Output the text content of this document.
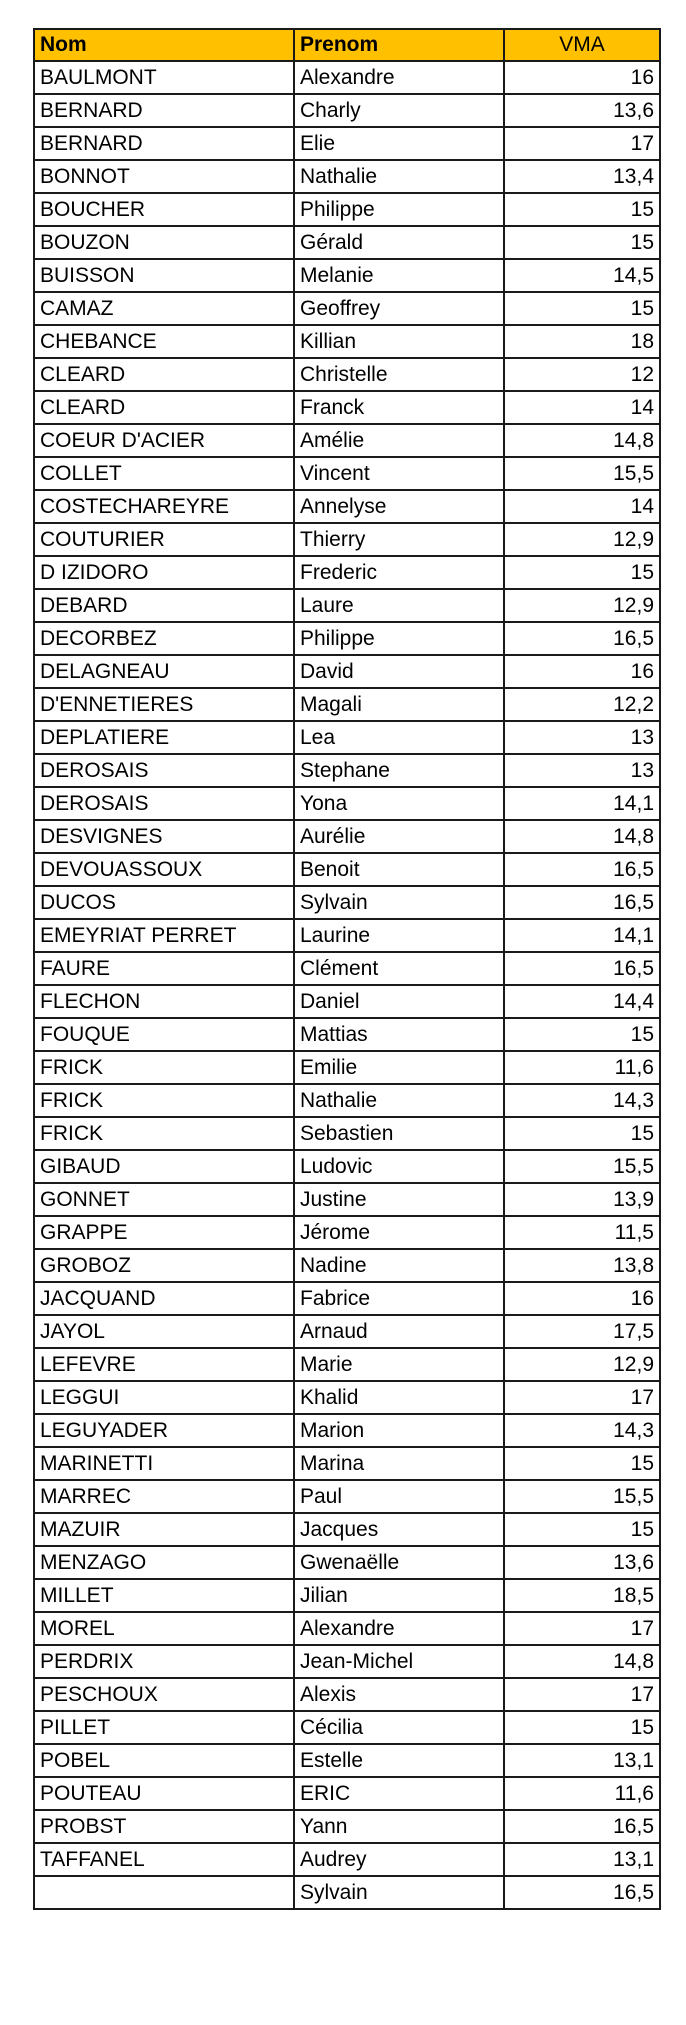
Nom	Prenom	VMA
BAULMONT	Alexandre	16
BERNARD	Charly	13,6
BERNARD	Elie	17
BONNOT	Nathalie	13,4
BOUCHER	Philippe	15
BOUZON	Gérald	15
BUISSON	Melanie	14,5
CAMAZ	Geoffrey	15
CHEBANCE	Killian	18
CLEARD	Christelle	12
CLEARD	Franck	14
COEUR D'ACIER	Amélie	14,8
COLLET	Vincent	15,5
COSTECHAREYRE	Annelyse	14
COUTURIER	Thierry	12,9
D IZIDORO	Frederic	15
DEBARD	Laure	12,9
DECORBEZ	Philippe	16,5
DELAGNEAU	David	16
D'ENNETIERES	Magali	12,2
DEPLATIERE	Lea	13
DEROSAIS	Stephane	13
DEROSAIS	Yona	14,1
DESVIGNES	Aurélie	14,8
DEVOUASSOUX	Benoit	16,5
DUCOS	Sylvain	16,5
EMEYRIAT PERRET	Laurine	14,1
FAURE	Clément	16,5
FLECHON	Daniel	14,4
FOUQUE	Mattias	15
FRICK	Emilie	11,6
FRICK	Nathalie	14,3
FRICK	Sebastien	15
GIBAUD	Ludovic	15,5
GONNET	Justine	13,9
GRAPPE	Jérome	11,5
GROBOZ	Nadine	13,8
JACQUAND	Fabrice	16
JAYOL	Arnaud	17,5
LEFEVRE	Marie	12,9
LEGGUI	Khalid	17
LEGUYADER	Marion	14,3
MARINETTI	Marina	15
MARREC	Paul	15,5
MAZUIR	Jacques	15
MENZAGO	Gwenaëlle	13,6
MILLET	Jilian	18,5
MOREL	Alexandre	17
PERDRIX	Jean-Michel	14,8
PESCHOUX	Alexis	17
PILLET	Cécilia	15
POBEL	Estelle	13,1
POUTEAU	ERIC	11,6
PROBST	Yann	16,5
TAFFANEL	Audrey	13,1
	Sylvain	16,5
